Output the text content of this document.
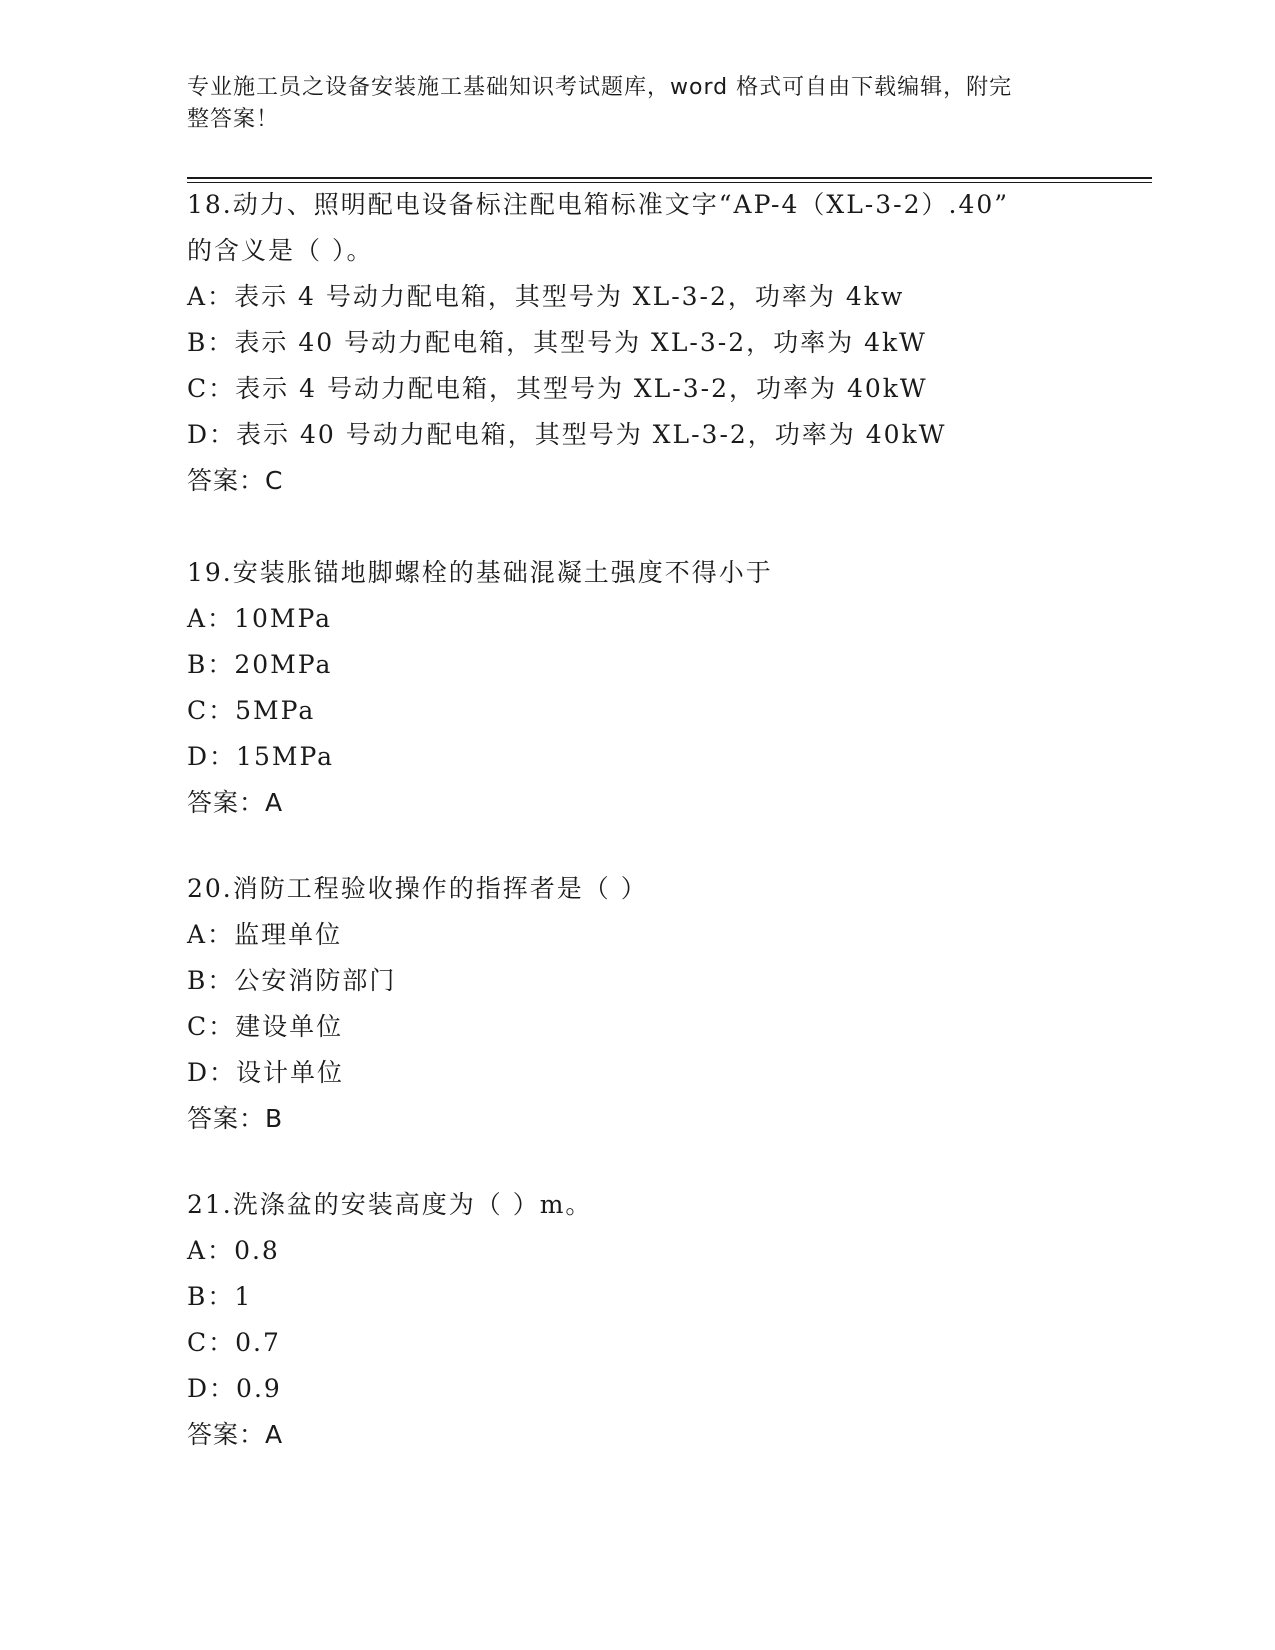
专业施工员之设备安装施工基础知识考试题库，word 格式可自由下载编辑，附完
整答案！
18.动力、照明配电设备标注配电箱标准文字“AP-4（XL-3-2）.40”
的含义是（ ）。
A：表示 4 号动力配电箱，其型号为 XL-3-2，功率为 4kw
B：表示 40 号动力配电箱，其型号为 XL-3-2，功率为 4kW
C：表示 4 号动力配电箱，其型号为 XL-3-2，功率为 40kW
D：表示 40 号动力配电箱，其型号为 XL-3-2，功率为 40kW
答案：C
19.安装胀锚地脚螺栓的基础混凝土强度不得小于
A：10MPa
B：20MPa
C：5MPa
D：15MPa
答案：A
20.消防工程验收操作的指挥者是（ ）
A：监理单位
B：公安消防部门
C：建设单位
D：设计单位
答案：B
21.洗涤盆的安装高度为（ ）m。
A：0.8
B：1
C：0.7
D：0.9
答案：A
